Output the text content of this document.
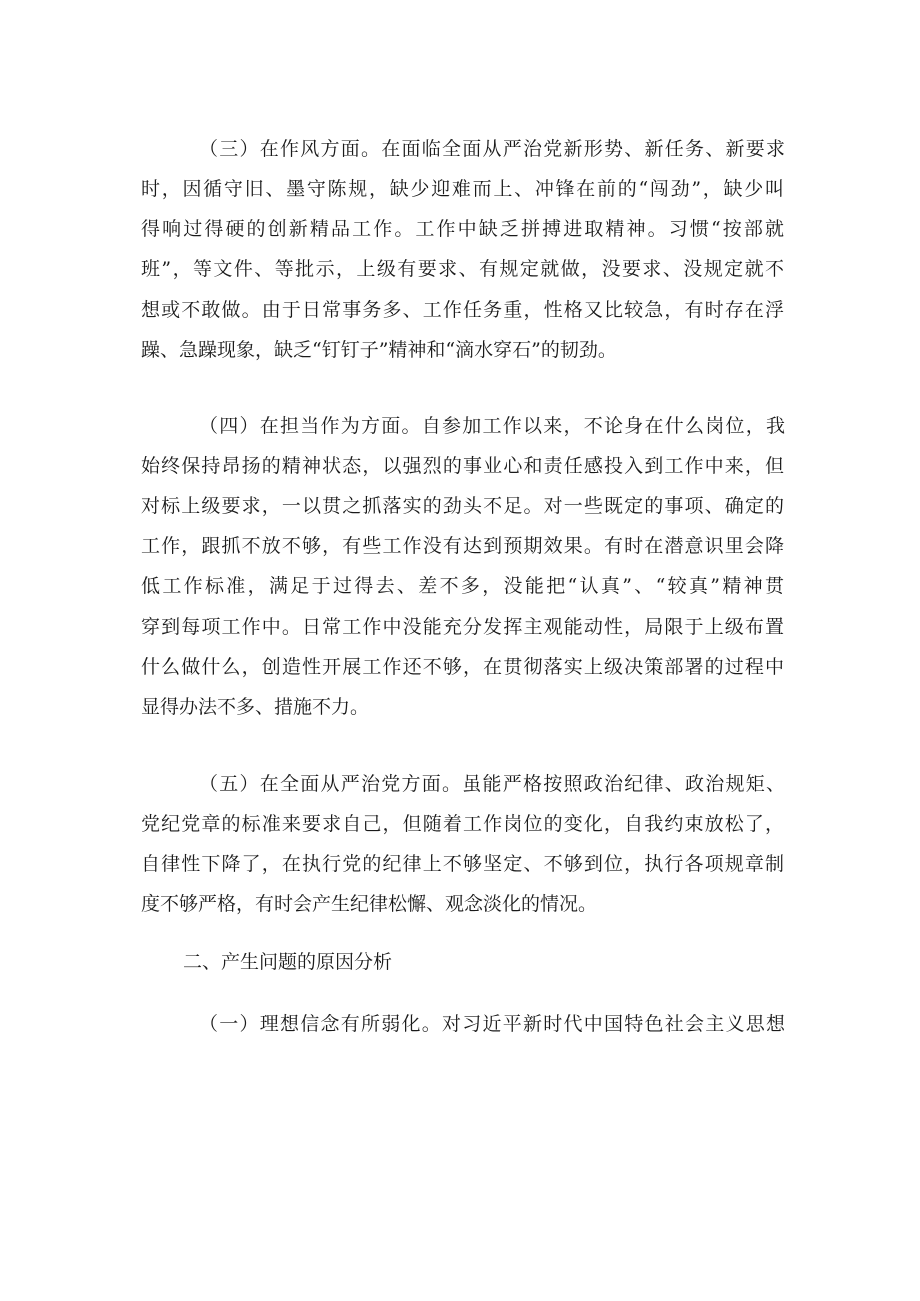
（三）在作风方面。在面临全面从严治党新形势、新任务、新要求
时，因循守旧、墨守陈规，缺少迎难而上、冲锋在前的“闯劲”，缺少叫
得响过得硬的创新精品工作。工作中缺乏拼搏进取精神。习惯“按部就
班”，等文件、等批示，上级有要求、有规定就做，没要求、没规定就不
想或不敢做。由于日常事务多、工作任务重，性格又比较急，有时存在浮
躁、急躁现象，缺乏“钉钉子”精神和“滴水穿石”的韧劲。
（四）在担当作为方面。自参加工作以来，不论身在什么岗位，我
始终保持昂扬的精神状态，以强烈的事业心和责任感投入到工作中来，但
对标上级要求，一以贯之抓落实的劲头不足。对一些既定的事项、确定的
工作，跟抓不放不够，有些工作没有达到预期效果。有时在潜意识里会降
低工作标准，满足于过得去、差不多，没能把“认真”、“较真”精神贯
穿到每项工作中。日常工作中没能充分发挥主观能动性，局限于上级布置
什么做什么，创造性开展工作还不够，在贯彻落实上级决策部署的过程中
显得办法不多、措施不力。
（五）在全面从严治党方面。虽能严格按照政治纪律、政治规矩、
党纪党章的标准来要求自己，但随着工作岗位的变化，自我约束放松了，
自律性下降了，在执行党的纪律上不够坚定、不够到位，执行各项规章制
度不够严格，有时会产生纪律松懈、观念淡化的情况。
二、产生问题的原因分析
（一）理想信念有所弱化。对习近平新时代中国特色社会主义思想
